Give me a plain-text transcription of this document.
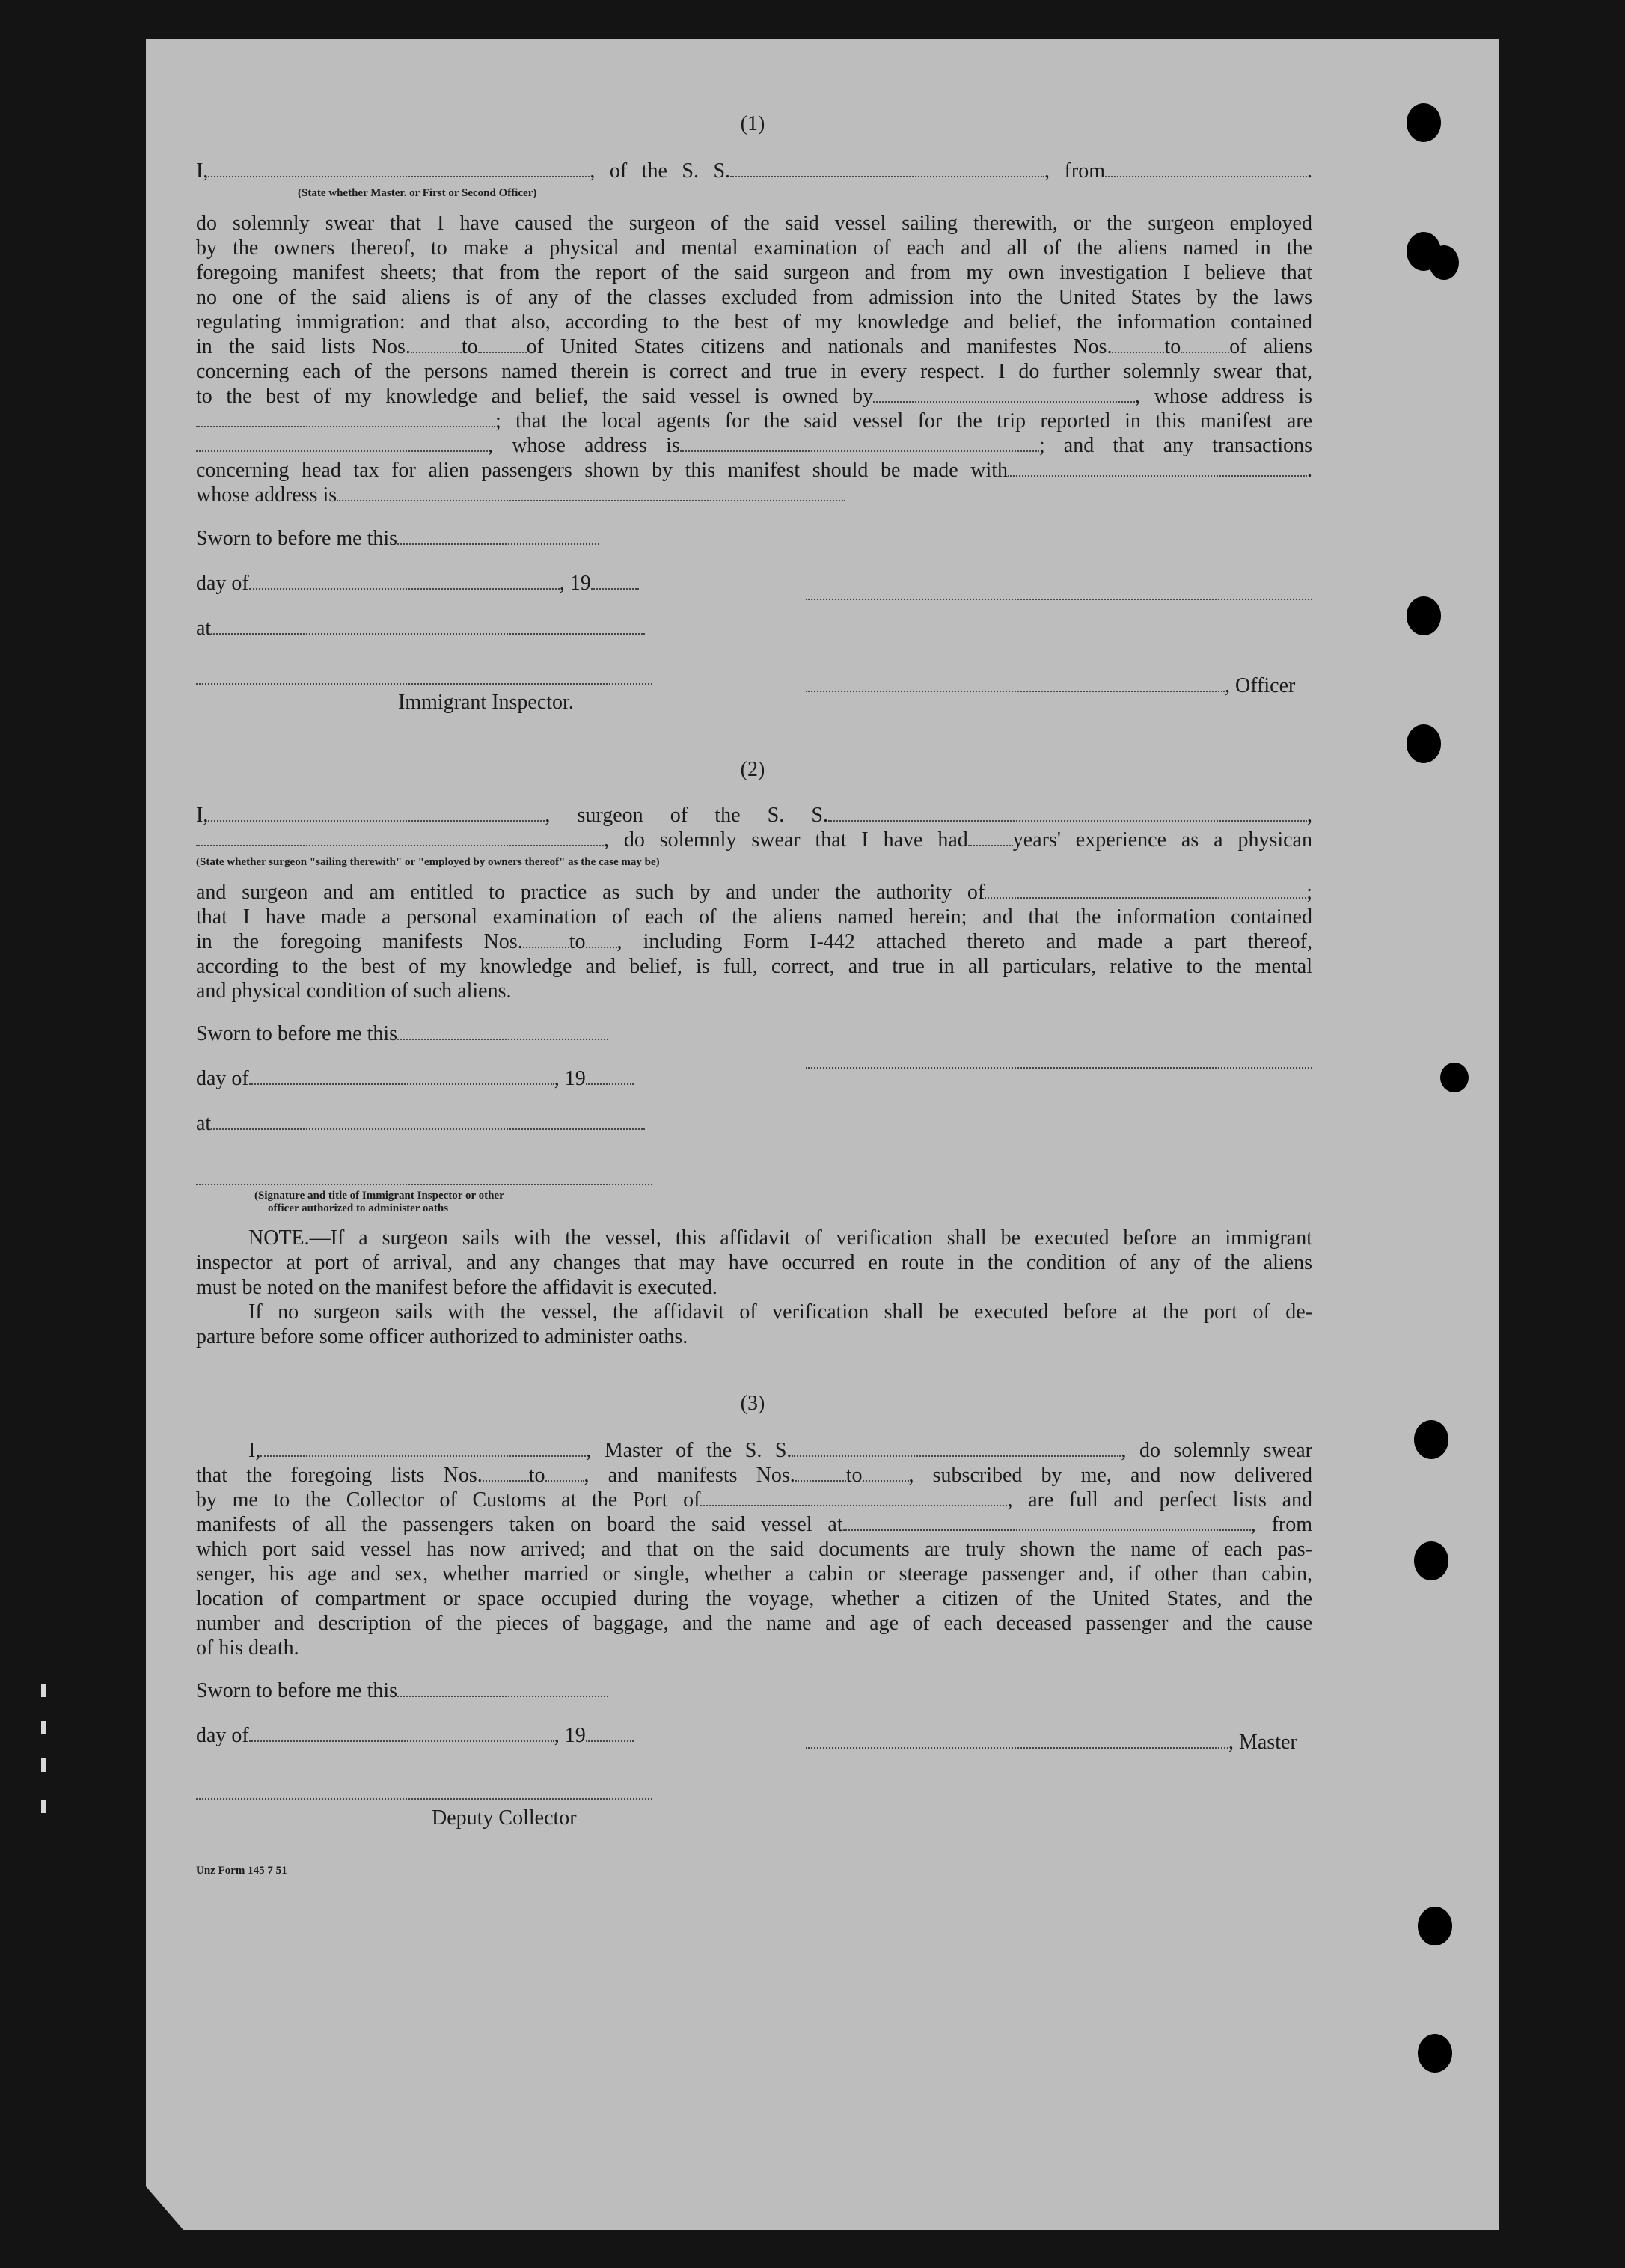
(1)
I,	, of the S. S.	, from	.
(State whether Master. or First or Second Officer)
do solemnly swear that I have caused the surgeon of the said vessel sailing therewith, or the surgeon employed
by the owners thereof, to make a physical and mental examination of each and all of the aliens named in the
foregoing manifest sheets; that from the report of the said surgeon and from my own investigation I believe that
no one of the said aliens is of any of the classes excluded from admission into the United States by the laws
regulating immigration: and that also, according to the best of my knowledge and belief, the information contained
in the said lists Nos. to of United States citizens and nationals and manifestes Nos.	to of aliens
concerning each of the persons named therein is correct and true in every respect. I do further solemnly swear that,
to the best of my knowledge and belief, the said vessel is owned by	, whose address is
; that the local agents for the said vessel for the trip reported in this manifest are
, whose address is	; and that any transactions
concerning head tax for alien passengers shown by this manifest should be made with	.
whose address is
Sworn to before me this
day of	, 19
at
, Officer
Immigrant Inspector.
(2)
I,	, surgeon of the S. S.	,
, do solemnly swear that I have had years' experience as a physican
(State whether surgeon "sailing therewith" or "employed by owners thereof" as the case may be)
and surgeon and am entitled to practice as such by and under the authority of	;
that I have made a personal examination of each of the aliens named herein; and that the information contained
in the foregoing manifests Nos. to , including Form I-442 attached thereto and made a part thereof,
according to the best of my knowledge and belief, is full, correct, and true in all particulars, relative to the mental
and physical condition of such aliens.
Sworn to before me this
day of	, 19
at
(Signature and title of Immigrant Inspector or other
officer authorized to administer oaths
NOTE.—If a surgeon sails with the vessel, this affidavit of verification shall be executed before an immigrant
inspector at port of arrival, and any changes that may have occurred en route in the condition of any of the aliens
must be noted on the manifest before the affidavit is executed.
If no surgeon sails with the vessel, the affidavit of verification shall be executed before at the port of de-
parture before some officer authorized to administer oaths.
(3)
I,	, Master of the S. S.	, do solemnly swear
that the foregoing lists Nos. to , and manifests Nos. to , subscribed by me, and now delivered
by me to the Collector of Customs at the Port of	, are full and perfect lists and
manifests of all the passengers taken on board the said vessel at	, from
which port said vessel has now arrived; and that on the said documents are truly shown the name of each pas-
senger, his age and sex, whether married or single, whether a cabin or steerage passenger and, if other than cabin,
location of compartment or space occupied during the voyage, whether a citizen of the United States, and the
number and description of the pieces of baggage, and the name and age of each deceased passenger and the cause
of his death.
Sworn to before me this
day of	, 19	, Master
Deputy Collector
Unz Form 145 7 51
